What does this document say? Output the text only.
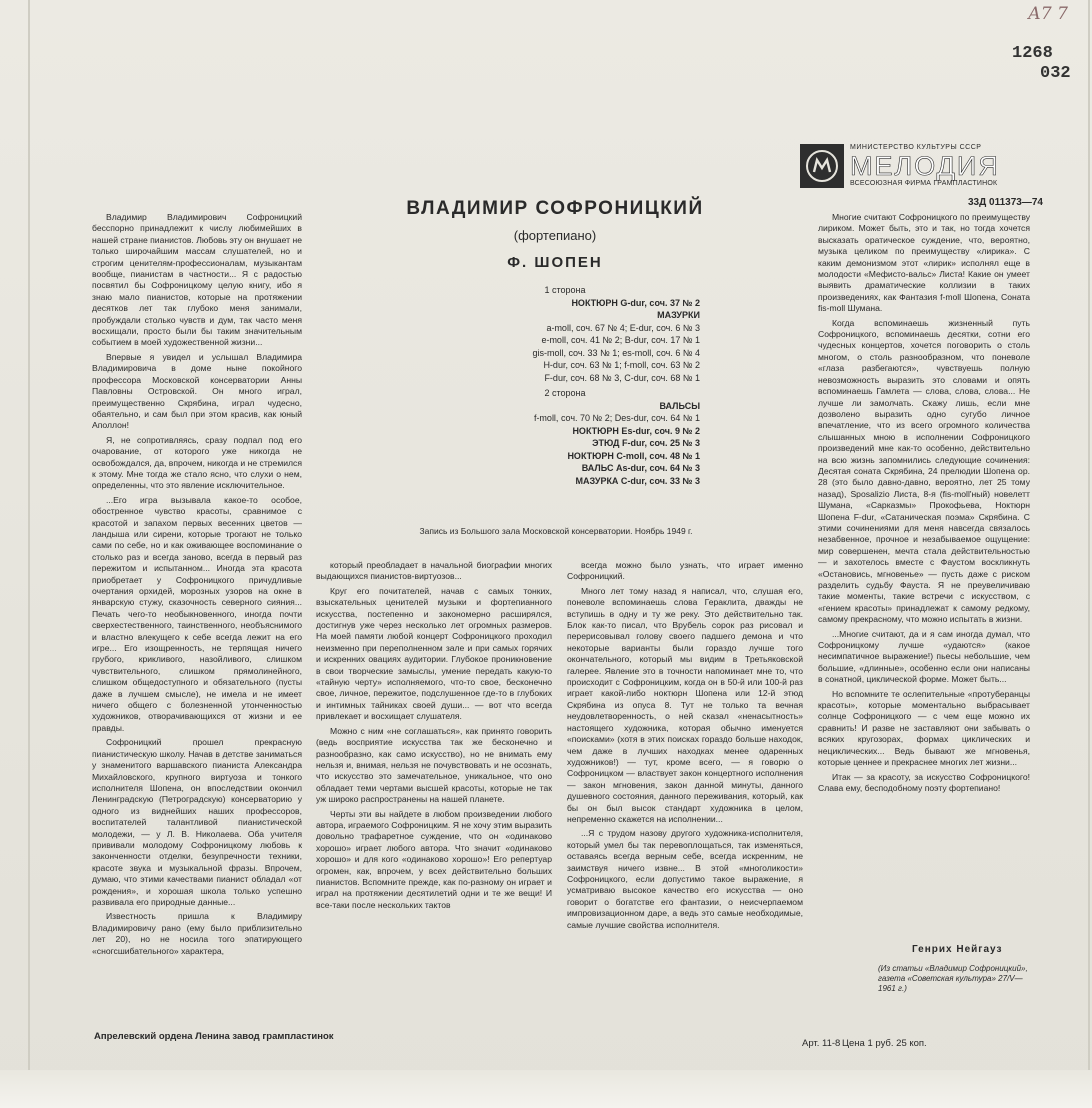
А7 7
1268
032
МИНИСТЕРСТВО КУЛЬТУРЫ СССР
МЕЛОДИЯ
ВСЕСОЮЗНАЯ ФИРМА ГРАМПЛАСТИНОК
33Д 011373—74
ВЛАДИМИР СОФРОНИЦКИЙ
(фортепиано)
Ф. ШОПЕН
1 сторона
НОКТЮРН G-dur, соч. 37 № 2
МАЗУРКИ
a-moll, соч. 67 № 4; E-dur, соч. 6 № 3
e-moll, соч. 41 № 2; B-dur, соч. 17 № 1
gis-moll, соч. 33 № 1; es-moll, соч. 6 № 4
H-dur, соч. 63 № 1; f-moll, соч. 63 № 2
F-dur, соч. 68 № 3, C-dur, соч. 68 № 1
2 сторона
ВАЛЬСЫ
f-moll, соч. 70 № 2; Des-dur, соч. 64 № 1
НОКТЮРН Es-dur, соч. 9 № 2
ЭТЮД F-dur, соч. 25 № 3
НОКТЮРН C-moll, соч. 48 № 1
ВАЛЬС As-dur, соч. 64 № 3
МАЗУРКА C-dur, соч. 33 № 3
Запись из Большого зала Московской консерватории. Ноябрь 1949 г.

Владимир Владимирович Софроницкий бесспорно принадлежит к числу любимейших в нашей стране пианистов. Любовь эту он внушает не только широчайшим массам слушателей, но и строгим ценителям-профессионалам, музыкантам вообще, пианистам в частности... Я с радостью посвятил бы Софроницкому целую книгу, ибо я знаю мало пианистов, которые на протяжении десятков лет так глубоко меня занимали, пробуждали столько чувств и дум, так часто меня восхищали, просто были бы таким значительным событием в моей художественной жизни...

Впервые я увидел и услышал Владимира Владимировича в доме ныне покойного профессора Московской консерватории Анны Павловны Островской. Он много играл, преимущественно Скрябина, играл чудесно, обаятельно, и сам был при этом красив, как юный Аполлон!

Я, не сопротивляясь, сразу подпал под его очарование, от которого уже никогда не освобождался, да, впрочем, никогда и не стремился к этому. Мне тогда же стало ясно, что слухи о нем, определенны, что это явление исключительное.

...Его игра вызывала какое-то особое, обостренное чувство красоты, сравнимое с красотой и запахом первых весенних цветов — ландыша или сирени, которые трогают не только сами по себе, но и как оживающее воспоминание о столько раз и всегда заново, всегда в первый раз пережитом и испытанном... Иногда эта красота приобретает у Софроницкого причудливые очертания орхидей, морозных узоров на окне в январскую стужу, сказочность северного сияния... Печать чего-то необыкновенного, иногда почти сверхестественного, таинственного, необъяснимого и властно влекущего к себе всегда лежит на его игре... Его изощренность, не терпящая ничего грубого, крикливого, назойливого, слишком чувствительного, слишком прямолинейного, слишком общедоступного и обязательного (пусты даже в лучшем смысле), не имела и не имеет ничего общего с болезненной утонченностью художников, отворачивающихся от жизни и ее правды.

Софроницкий прошел прекрасную пианистическую школу. Начав в детстве заниматься у знаменитого варшавского пианиста Александра Михайловского, крупного виртуоза и тонкого исполнителя Шопена, он впоследствии окончил Ленинградскую (Петроградскую) консерваторию у одного из виднейших наших профессоров, воспитателей талантливой пианистической молодежи, — у Л. В. Николаева. Оба учителя прививали молодому Софроницкому любовь к законченности отделки, безупречности техники, красоте звука и музыкальной фразы. Впрочем, думаю, что этими качествами пианист обладал «от рождения», и хорошая школа только успешно развивала его природные данные...

Известность пришла к Владимиру Владимировичу рано (ему было приблизительно лет 20), но не носила того эпатирующего «сногсшибательного» характера,

который преобладает в начальной биографии многих выдающихся пианистов-виртуозов...

Круг его почитателей, начав с самых тонких, взыскательных ценителей музыки и фортепианного искусства, постепенно и закономерно расширялся, достигнув уже через несколько лет огромных размеров. На моей памяти любой концерт Софроницкого проходил неизменно при переполненном зале и при самых горячих и искренних овациях аудитории. Глубокое проникновение в свои творческие замыслы, умение передать какую-то «тайную черту» исполняемого, что-то свое, бесконечно свое, личное, пережитое, подслушенное где-то в глубоких и интимных тайниках своей души... — вот что всегда привлекает и восхищает слушателя.

Можно с ним «не соглашаться», как принято говорить (ведь восприятие искусства так же бесконечно и разнообразно, как само искусство), но не внимать ему нельзя и, внимая, нельзя не почувствовать и не осознать, что искусство это замечательное, уникальное, что оно обладает теми чертами высшей красоты, которые не так уж широко распространены на нашей планете.

Черты эти вы найдете в любом произведении любого автора, играемого Софроницким. Я не хочу этим выразить довольно трафаретное суждение, что он «одинаково хорошо» играет любого автора. Что значит «одинаково хорошо» и для кого «одинаково хорошо»! Его репертуар огромен, как, впрочем, у всех действительно больших пианистов. Вспомните прежде, как по-разному он играет и играл на протяжении десятилетий одни и те же вещи! И все-таки после нескольких тактов

всегда можно было узнать, что играет именно Софроницкий.

Много лет тому назад я написал, что, слушая его, поневоле вспоминаешь слова Гераклита, дважды не вступишь в одну и ту же реку. Это действительно так. Блок как-то писал, что Врубель сорок раз рисовал и перерисовывал голову своего падшего демона и что некоторые варианты были гораздо лучше того окончательного, который мы видим в Третьяковской галерее. Явление это в точности напоминает мне то, что происходит с Софроницким, когда он в 50-й или 100-й раз играет какой-либо ноктюрн Шопена или 12-й этюд Скрябина из опуса 8. Тут не только та вечная неудовлетворенность, о ней сказал «ненасытность» настоящего художника, которая обычно именуется «поисками» (хотя в этих поисках гораздо больше находок, чем даже в лучших находках менее одаренных художников!) — тут, кроме всего, — я говорю о Софроницком — властвует закон концертного исполнения — закон мгновения, закон данной минуты, данного душевного состояния, данного переживания, который, как бы он был высок стандарт художника в целом, непременно скажется на исполнении...

...Я с трудом назову другого художника-исполнителя, который умел бы так перевоплощаться, так изменяться, оставаясь всегда верным себе, всегда искренним, не заимствуя ничего извне... В этой «многоликости» Софроницкого, если допустимо такое выражение, я усматриваю высокое качество его искусства — оно говорит о богатстве его фантазии, о неисчерпаемом импровизационном даре, а ведь это самые необходимые, самые лучшие свойства исполнителя.

Многие считают Софроницкого по преимуществу лириком. Может быть, это и так, но тогда хочется высказать оратическое суждение, что, вероятно, музыка целиком по преимуществу «лирика». С каким демонизмом этот «лирик» исполнял еще в молодости «Мефисто-вальс» Листа! Какие он умеет выявить драматические коллизии в таких произведениях, как Фантазия f-moll Шопена, Соната fis-moll Шумана.

Когда вспоминаешь жизненный путь Софроницкого, вспоминаешь десятки, сотни его чудесных концертов, хочется поговорить о столь многом, о столь разнообразном, что поневоле «глаза разбегаются», чувствуешь полную невозможность выразить это словами и опять вспоминаешь Гамлета — слова, слова, слова... Не лучше ли замолчать. Скажу лишь, если мне дозволено выразить одно сугубо личное впечатление, что из всего огромного количества слышанных мною в исполнении Софроницкого произведений мне как-то особенно, действительно на всю жизнь запомнились следующие сочинения: Десятая соната Скрябина, 24 прелюдии Шопена ор. 28 (это было давно-давно, вероятно, лет 25 тому назад), Sposalizio Листа, 8-я (fis-moll'ный) новелетт Шумана, «Сарказмы» Прокофьева, Ноктюрн Шопена F-dur, «Сатаническая поэма» Скрябина. С этими сочинениями для меня навсегда связалось незабвенное, прочное и незабываемое ощущение: мир совершенен, мечта стала действительностью — и захотелось вместе с Фаустом воскликнуть «Остановись, мгновенье» — пусть даже с риском разделить судьбу Фауста. Я не преувеличиваю такие моменты, такие встречи с искусством, с «гением красоты» принадлежат к самому редкому, самому прекрасному, что можно испытать в жизни.

...Многие считают, да и я сам иногда думал, что Софроницкому лучше «удаются» (какое несимпатичное выражение!) пьесы небольшие, чем большие, «длинные», особенно если они написаны в сонатной, циклической форме. Может быть...

Но вспомните те ослепительные «протуберанцы красоты», которые моментально выбрасывает солнце Софроницкого — с чем еще можно их сравнить! И разве не заставляют они забывать о всяких кругозорах, формах циклических и нециклических... Ведь бывают же мгновенья, которые ценнее и прекраснее многих лет жизни...

Итак — за красоту, за искусство Софроницкого! Слава ему, бесподобному поэту фортепиано!

Генрих Нейгауз
(Из статьи «Владимир Софроницкий», газета «Советская культура» 27/V—1961 г.)
Апрелевский ордена Ленина завод грампластинок
Арт. 11-8 Цена 1 руб. 25 коп.
